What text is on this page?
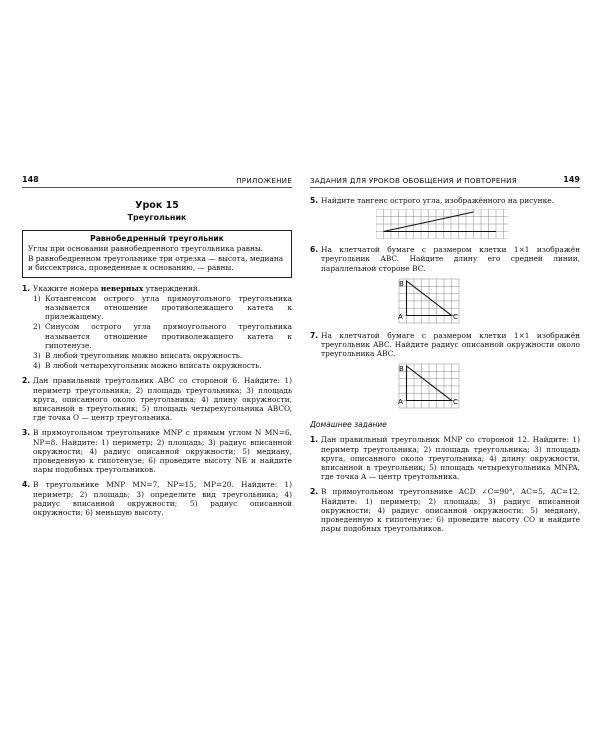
148	ПРИЛОЖЕНИЕ
Урок 15
Треугольник
Равнобедренный треугольник

Углы при основании равнобедренного треугольника равны.

В равнобедренном треугольнике три отрезка — высота, медиана и биссектриса, проведенные к основанию, — равны.

1. Укажите номера неверных утверждений.

1) Котангенсом острого угла прямоугольного треугольника называется отношение противолежащего катета к прилежащему.

2) Синусом острого угла прямоугольного треугольника называется отношение противолежащего катета к гипотенузе.

3) В любой треугольник можно вписать окружность.

4) В любой четырехугольник можно вписать окружность.

2. Дан правильный треугольник ABC со стороной 6. Найдите: 1) периметр треугольника; 2) площадь треугольника; 3) площадь круга, описанного около треугольника; 4) длину окружности, вписанной в треугольник; 5) площадь четырехугольника ABCO, где точка O — центр треугольника.

3. В прямоугольном треугольнике MNP с прямым углом N MN=6, NP=8. Найдите: 1) периметр; 2) площадь; 3) радиус вписанной окружности; 4) радиус описанной окружности; 5) медиану, проведенную к гипотенузе; 6) проведите высоту NE и найдите пары подобных треугольников.

4. В треугольнике MNP MN=7, NP=15, MP=20. Найдите: 1) периметр; 2) площадь; 3) определите вид треугольника; 4) радиус вписанной окружности; 5) радиус описанной окружности; 6) меньшую высоту.

ЗАДАНИЯ ДЛЯ УРОКОВ ОБОБЩЕНИЯ И ПОВТОРЕНИЯ	149
5. Найдите тангенс острого угла, изображённого на рисунке.

6. На клетчатой бумаге с размером клетки 1×1 изображён треугольник ABC. Найдите длину его средней линии, параллельной стороне BC.

B
A	C
7. На клетчатой бумаге с размером клетки 1×1 изображён треугольник ABC. Найдите радиус описанной окружности около треугольника ABC.

B
A	C
Домашнее задание
1. Дан правильный треугольник MNP со стороной 12. Найдите: 1) периметр треугольника; 2) площадь треугольника; 3) площадь круга, описанного около треугольника; 4) длину окружности, вписанной в треугольник; 5) площадь четырехугольника MNPA, где точка A — центр треугольника.

2. В прямоугольном треугольнике ACD ∠C=90°, AC=5, AC=12. Найдите: 1) периметр; 2) площадь; 3) радиус вписанной окружности; 4) радиус описанной окружности; 5) медиану, проведенную к гипотенузе; 6) проведите высоту CO и найдите пары подобных треугольников.
